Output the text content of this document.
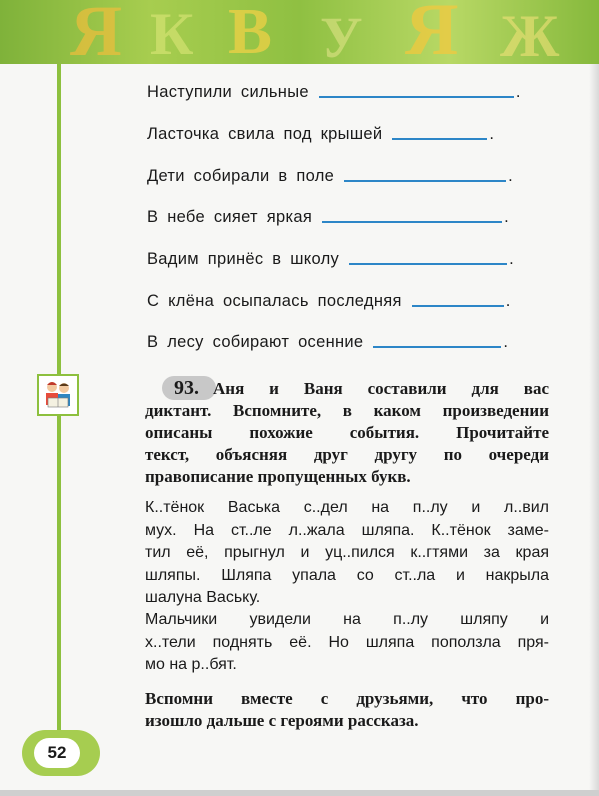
Я К В У Я Ж
Наступили сильные	.
Ласточка свила под крышей	.
Дети собирали в поле	.
В небе сияет яркая	.
Вадим принёс в школу	.
С клёна осыпалась последняя	.
В лесу собирают осенние	.
93. Аня и Ваня составили для вас
диктант. Вспомните, в каком произведении
описаны похожие события. Прочитайте
текст, объясняя друг другу по очереди
правописание пропущенных букв.
К..тёнок Васька с..дел на п..лу и л..вил
мух. На ст..ле л..жала шляпа. К..тёнок заме-
тил её, прыгнул и уц..пился к..гтями за края
шляпы. Шляпа упала со ст..ла и накрыла
шалуна Ваську.
Мальчики увидели на п..лу шляпу и
х..тели поднять её. Но шляпа поползла пря-
мо на р..бят.
Вспомни вместе с друзьями, что про-
изошло дальше с героями рассказа.
52
